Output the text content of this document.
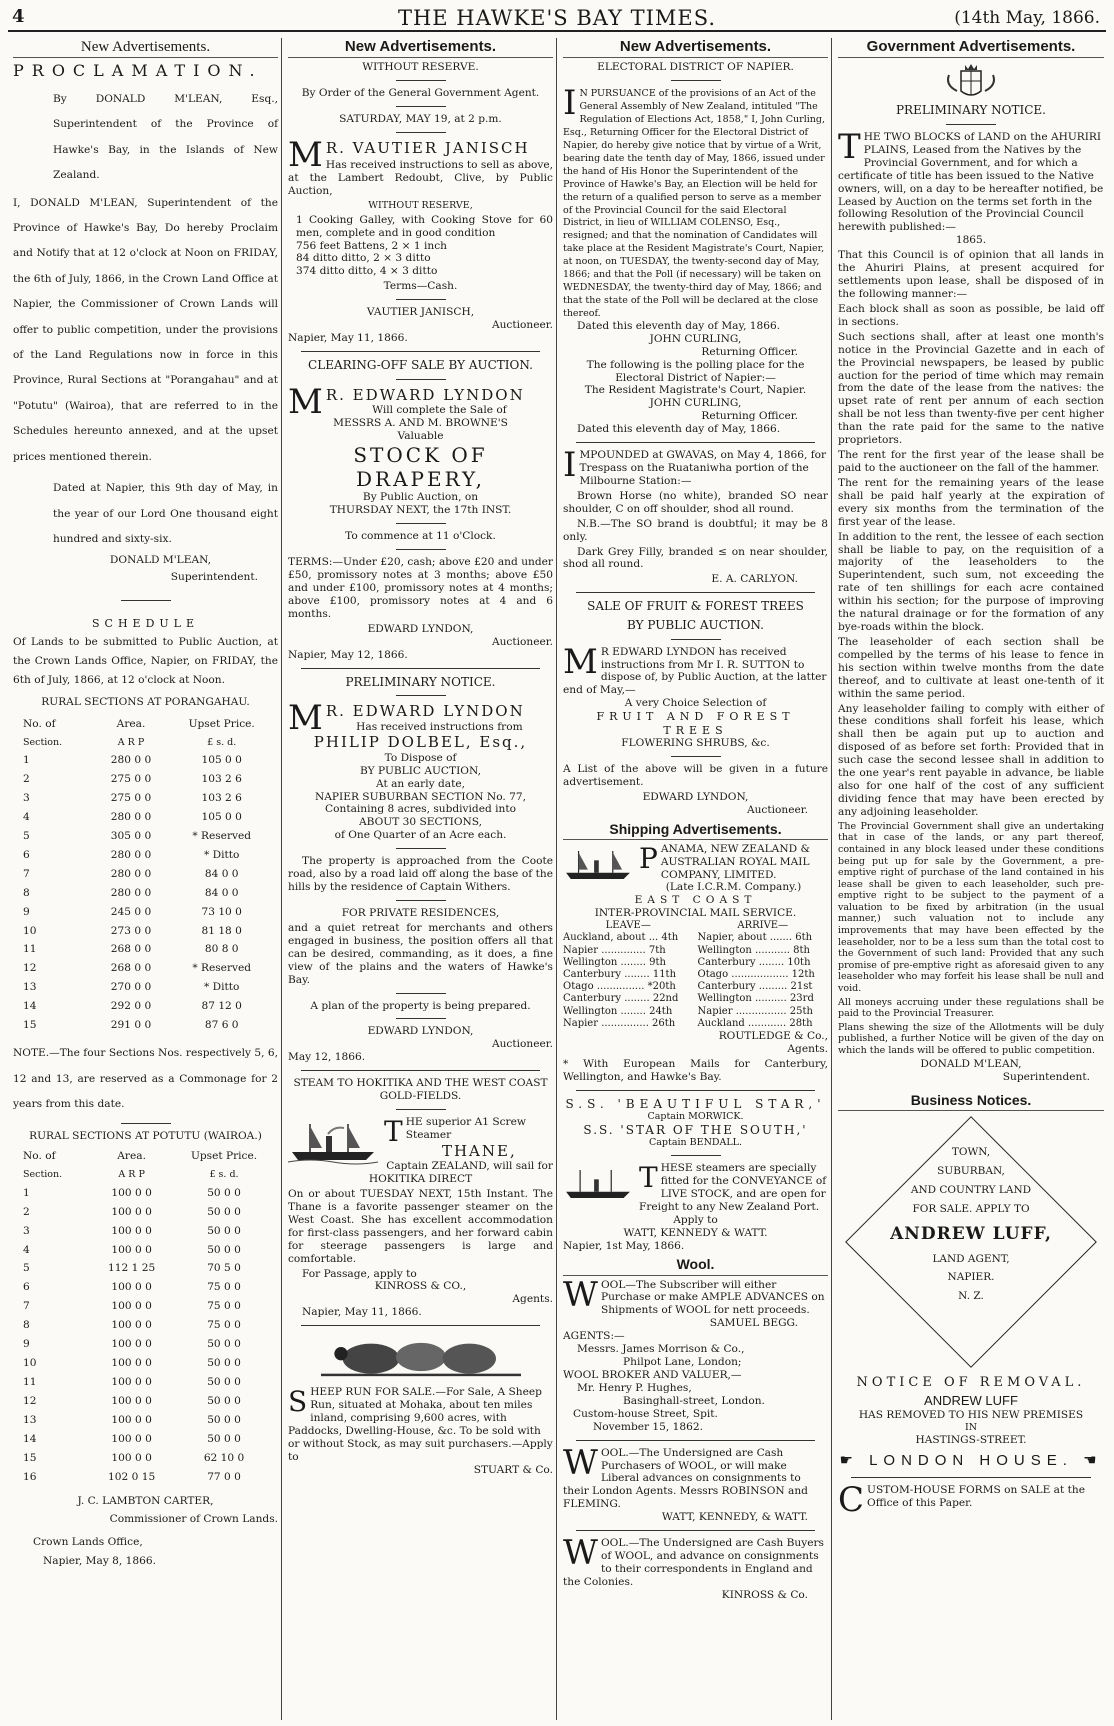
4	THE HAWKE'S BAY TIMES.	(14th May, 1866.
New Advertisements.
PROCLAMATION.
By DONALD M'LEAN, Esq., Superintendent of the Province of Hawke's Bay, in the Islands of New Zealand.
I, DONALD M'LEAN, Superintendent of the Province of Hawke's Bay, Do hereby Proclaim and Notify that at 12 o'clock at Noon on FRIDAY, the 6th of July, 1866, in the Crown Land Office at Napier, the Commissioner of Crown Lands will offer to public competition, under the provisions of the Land Regulations now in force in this Province, Rural Sections at "Porangahau" and at "Potutu" (Wairoa), that are referred to in the Schedules hereunto annexed, and at the upset prices mentioned therein.
Dated at Napier, this 9th day of May, in the year of our Lord One thousand eight hundred and sixty-six.
DONALD M'LEAN,
Superintendent.
SCHEDULE
Of Lands to be submitted to Public Auction, at the Crown Lands Office, Napier, on FRIDAY, the 6th of July, 1866, at 12 o'clock at Noon.
RURAL SECTIONS AT PORANGAHAU.
No. of	Area.	Upset Price.
Section.	A R P	£ s. d.
1	280 0 0	105 0 0
2	275 0 0	103 2 6
3	275 0 0	103 2 6
4	280 0 0	105 0 0
5	305 0 0	* Reserved
6	280 0 0	* Ditto
7	280 0 0	84 0 0
8	280 0 0	84 0 0
9	245 0 0	73 10 0
10	273 0 0	81 18 0
11	268 0 0	80 8 0
12	268 0 0	* Reserved
13	270 0 0	* Ditto
14	292 0 0	87 12 0
15	291 0 0	87 6 0
NOTE.—The four Sections Nos. respectively 5, 6, 12 and 13, are reserved as a Commonage for 2 years from this date.
RURAL SECTIONS AT POTUTU (WAIROA.)
No. of	Area.	Upset Price.
Section.	A R P	£ s. d.
1	100 0 0	50 0 0
2	100 0 0	50 0 0
3	100 0 0	50 0 0
4	100 0 0	50 0 0
5	112 1 25	70 5 0
6	100 0 0	75 0 0
7	100 0 0	75 0 0
8	100 0 0	75 0 0
9	100 0 0	50 0 0
10	100 0 0	50 0 0
11	100 0 0	50 0 0
12	100 0 0	50 0 0
13	100 0 0	50 0 0
14	100 0 0	50 0 0
15	100 0 0	62 10 0
16	102 0 15	77 0 0
J. C. LAMBTON CARTER,
Commissioner of Crown Lands.
Crown Lands Office,
Napier, May 8, 1866.
New Advertisements.
WITHOUT RESERVE.
By Order of the General Government Agent.
SATURDAY, MAY 19, at 2 p.m.
M R. VAUTIER JANISCH
Has received instructions to sell as above, at the Lambert Redoubt, Clive, by Public Auction,
WITHOUT RESERVE,
1 Cooking Galley, with Cooking Stove for 60 men, complete and in good condition
756 feet Battens, 2 × 1 inch
84 ditto ditto, 2 × 3 ditto
374 ditto ditto, 4 × 3 ditto
Terms—Cash.
VAUTIER JANISCH,
Auctioneer.
Napier, May 11, 1866.
CLEARING-OFF SALE BY AUCTION.
M R. EDWARD LYNDON
Will complete the Sale of
MESSRS A. AND M. BROWNE'S
Valuable
STOCK OF DRAPERY,
By Public Auction, on
THURSDAY NEXT, the 17th INST.
To commence at 11 o'Clock.
TERMS:—Under £20, cash; above £20 and under £50, promissory notes at 3 months; above £50 and under £100, promissory notes at 4 months; above £100, promissory notes at 4 and 6 months.
EDWARD LYNDON,
Auctioneer.
Napier, May 12, 1866.
PRELIMINARY NOTICE.
M R. EDWARD LYNDON
Has received instructions from
PHILIP DOLBEL, Esq.,
To Dispose of
BY PUBLIC AUCTION,
At an early date,
NAPIER SUBURBAN SECTION No. 77,
Containing 8 acres, subdivided into
ABOUT 30 SECTIONS,
of One Quarter of an Acre each.
The property is approached from the Coote road, also by a road laid off along the base of the hills by the residence of Captain Withers.
FOR PRIVATE RESIDENCES,
and a quiet retreat for merchants and others engaged in business, the position offers all that can be desired, commanding, as it does, a fine view of the plains and the waters of Hawke's Bay.
A plan of the property is being prepared.
EDWARD LYNDON,
Auctioneer.
May 12, 1866.
STEAM TO HOKITIKA AND THE WEST COAST GOLD-FIELDS.
THE superior A1 Screw Steamer
THANE,
Captain ZEALAND, will sail for
HOKITIKA DIRECT
On or about TUESDAY NEXT, 15th Instant. The Thane is a favorite passenger steamer on the West Coast. She has excellent accommodation for first-class passengers, and her forward cabin for steerage passengers is large and comfortable.
For Passage, apply to
KINROSS & CO.,
Agents.
Napier, May 11, 1866.
SHEEP RUN FOR SALE.—For Sale, A Sheep Run, situated at Mohaka, about ten miles inland, comprising 9,600 acres, with Paddocks, Dwelling-House, &c. To be sold with or without Stock, as may suit purchasers.—Apply to
STUART & Co.
New Advertisements.
ELECTORAL DISTRICT OF NAPIER.
I N PURSUANCE of the provisions of an Act of the General Assembly of New Zealand, intituled "The Regulation of Elections Act, 1858," I, John Curling, Esq., Returning Officer for the Electoral District of Napier, do hereby give notice that by virtue of a Writ, bearing date the tenth day of May, 1866, issued under the hand of His Honor the Superintendent of the Province of Hawke's Bay, an Election will be held for the return of a qualified person to serve as a member of the Provincial Council for the said Electoral District, in lieu of WILLIAM COLENSO, Esq., resigned; and that the nomination of Candidates will take place at the Resident Magistrate's Court, Napier, at noon, on TUESDAY, the twenty-second day of May, 1866; and that the Poll (if necessary) will be taken on WEDNESDAY, the twenty-third day of May, 1866; and that the state of the Poll will be declared at the close thereof.
Dated this eleventh day of May, 1866.
JOHN CURLING,
Returning Officer.
The following is the polling place for the Electoral District of Napier:—
The Resident Magistrate's Court, Napier.
JOHN CURLING,
Returning Officer.
Dated this eleventh day of May, 1866.
IMPOUNDED at GWAVAS, on May 4, 1866, for Trespass on the Ruataniwha portion of the Milbourne Station:—
Brown Horse (no white), branded SO near shoulder, C on off shoulder, shod all round.
N.B.—The SO brand is doubtful; it may be 8 only.
Dark Grey Filly, branded ≤ on near shoulder, shod all round.
E. A. CARLYON.
SALE OF FRUIT & FOREST TREES
BY PUBLIC AUCTION.
M R EDWARD LYNDON has received instructions from Mr I. R. SUTTON to dispose of, by Public Auction, at the latter end of May,—
A very Choice Selection of
FRUIT AND FOREST TREES
FLOWERING SHRUBS, &c.
A List of the above will be given in a future advertisement.
EDWARD LYNDON,
Auctioneer.
Shipping Advertisements.
PANAMA, NEW ZEALAND & AUSTRALIAN ROYAL MAIL COMPANY, LIMITED.
(Late I.C.R.M. Company.)
EAST COAST
INTER-PROVINCIAL MAIL SERVICE.
LEAVE—	ARRIVE—
Auckland, about ... 4th	Napier, about ....... 6th
Napier .............. 7th	Wellington ........... 8th
Wellington ........ 9th	Canterbury ........ 10th
Canterbury ........ 11th	Otago .................. 12th
Otago ............... *20th	Canterbury ......... 21st
Canterbury ........ 22nd	Wellington .......... 23rd
Wellington ........ 24th	Napier ................ 25th
Napier ............... 26th	Auckland ............ 28th
ROUTLEDGE & Co.,
Agents.
* With European Mails for Canterbury, Wellington, and Hawke's Bay.
S.S. 'BEAUTIFUL STAR,'
Captain MORWICK.
S.S. 'STAR OF THE SOUTH,'
Captain BENDALL.
THESE steamers are specially fitted for the CONVEYANCE of LIVE STOCK, and are open for Freight to any New Zealand Port.
Apply to
WATT, KENNEDY & WATT.
Napier, 1st May, 1866.
Wool.
WOOL—The Subscriber will either Purchase or make AMPLE ADVANCES on Shipments of WOOL for nett proceeds.
SAMUEL BEGG.
AGENTS:—
Messrs. James Morrison & Co.,
Philpot Lane, London;
WOOL BROKER AND VALUER,—
Mr. Henry P. Hughes,
Basinghall-street, London.
Custom-house Street, Spit.
November 15, 1862.
WOOL.—The Undersigned are Cash Purchasers of WOOL, or will make Liberal advances on consignments to their London Agents. Messrs ROBINSON and FLEMING.
WATT, KENNEDY, & WATT.
WOOL.—The Undersigned are Cash Buyers of WOOL, and advance on consignments to their correspondents in England and the Colonies.
KINROSS & Co.
Government Advertisements.
PRELIMINARY NOTICE.
THE TWO BLOCKS of LAND on the AHURIRI PLAINS, Leased from the Natives by the Provincial Government, and for which a certificate of title has been issued to the Native owners, will, on a day to be hereafter notified, be Leased by Auction on the terms set forth in the following Resolution of the Provincial Council herewith published:—
1865.
That this Council is of opinion that all lands in the Ahuriri Plains, at present acquired for settlements upon lease, shall be disposed of in the following manner:—
Each block shall as soon as possible, be laid off in sections.
Such sections shall, after at least one month's notice in the Provincial Gazette and in each of the Provincial newspapers, be leased by public auction for the period of time which may remain from the date of the lease from the natives: the upset rate of rent per annum of each section shall be not less than twenty-five per cent higher than the rate paid for the same to the native proprietors.
The rent for the first year of the lease shall be paid to the auctioneer on the fall of the hammer.
The rent for the remaining years of the lease shall be paid half yearly at the expiration of every six months from the termination of the first year of the lease.
In addition to the rent, the lessee of each section shall be liable to pay, on the requisition of a majority of the leaseholders to the Superintendent, such sum, not exceeding the rate of ten shillings for each acre contained within his section; for the purpose of improving the natural drainage or for the formation of any bye-roads within the block.
The leaseholder of each section shall be compelled by the terms of his lease to fence in his section within twelve months from the date thereof, and to cultivate at least one-tenth of it within the same period.
Any leaseholder failing to comply with either of these conditions shall forfeit his lease, which shall then be again put up to auction and disposed of as before set forth: Provided that in such case the second lessee shall in addition to the one year's rent payable in advance, be liable also for one half of the cost of any sufficient dividing fence that may have been erected by any adjoining leaseholder.
The Provincial Government shall give an undertaking that in case of the lands, or any part thereof, contained in any block leased under these conditions being put up for sale by the Government, a pre-emptive right of purchase of the land contained in his lease shall be given to each leaseholder, such pre-emptive right to be subject to the payment of a valuation to be fixed by arbitration (in the usual manner,) such valuation not to include any improvements that may have been effected by the leaseholder, nor to be a less sum than the total cost to the Government of such land: Provided that any such promise of pre-emptive right as aforesaid given to any leaseholder who may forfeit his lease shall be null and void.
All moneys accruing under these regulations shall be paid to the Provincial Treasurer.
Plans shewing the size of the Allotments will be duly published, a further Notice will be given of the day on which the lands will be offered to public competition.
DONALD M'LEAN,
Superintendent.
Business Notices.
TOWN,
SUBURBAN,
AND COUNTRY LAND
FOR SALE. APPLY TO
ANDREW LUFF,
LAND AGENT,
NAPIER.
N. Z.
NOTICE OF REMOVAL.
ANDREW LUFF
HAS REMOVED TO HIS NEW PREMISES
IN
HASTINGS-STREET.
☛ LONDON HOUSE. ☚
CUSTOM-HOUSE FORMS on SALE at the Office of this Paper.
